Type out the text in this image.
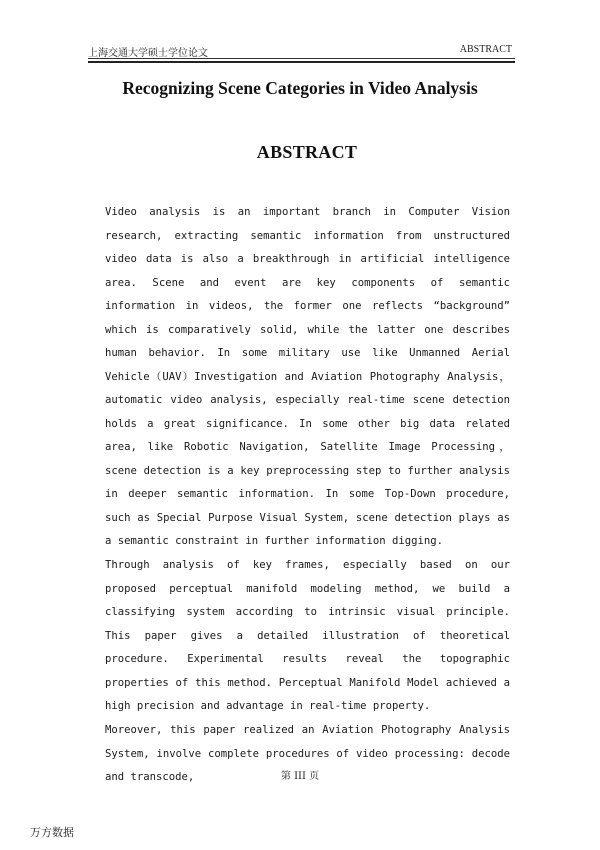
上海交通大学硕士学位论文	ABSTRACT
Recognizing Scene Categories in Video Analysis
ABSTRACT
Video analysis is an important branch in Computer Vision research, extracting semantic information from unstructured video data is also a breakthrough in artificial intelligence area. Scene and event are key components of semantic information in videos, the former one reflects “background” which is comparatively solid, while the latter one describes human behavior. In some military use like Unmanned Aerial Vehicle（UAV）Investigation and Aviation Photography Analysis，automatic video analysis, especially real-time scene detection holds a great significance. In some other big data related area, like Robotic Navigation, Satellite Image Processing，scene detection is a key preprocessing step to further analysis in deeper semantic information. In some Top-Down procedure, such as Special Purpose Visual System, scene detection plays as a semantic constraint in further information digging.
Through analysis of key frames, especially based on our proposed perceptual manifold modeling method, we build a classifying system according to intrinsic visual principle. This paper gives a detailed illustration of theoretical procedure. Experimental results reveal the topographic properties of this method. Perceptual Manifold Model achieved a high precision and advantage in real-time property.
Moreover, this paper realized an Aviation Photography Analysis System, involve complete procedures of video processing: decode and transcode,	第 III 页
万方数据
